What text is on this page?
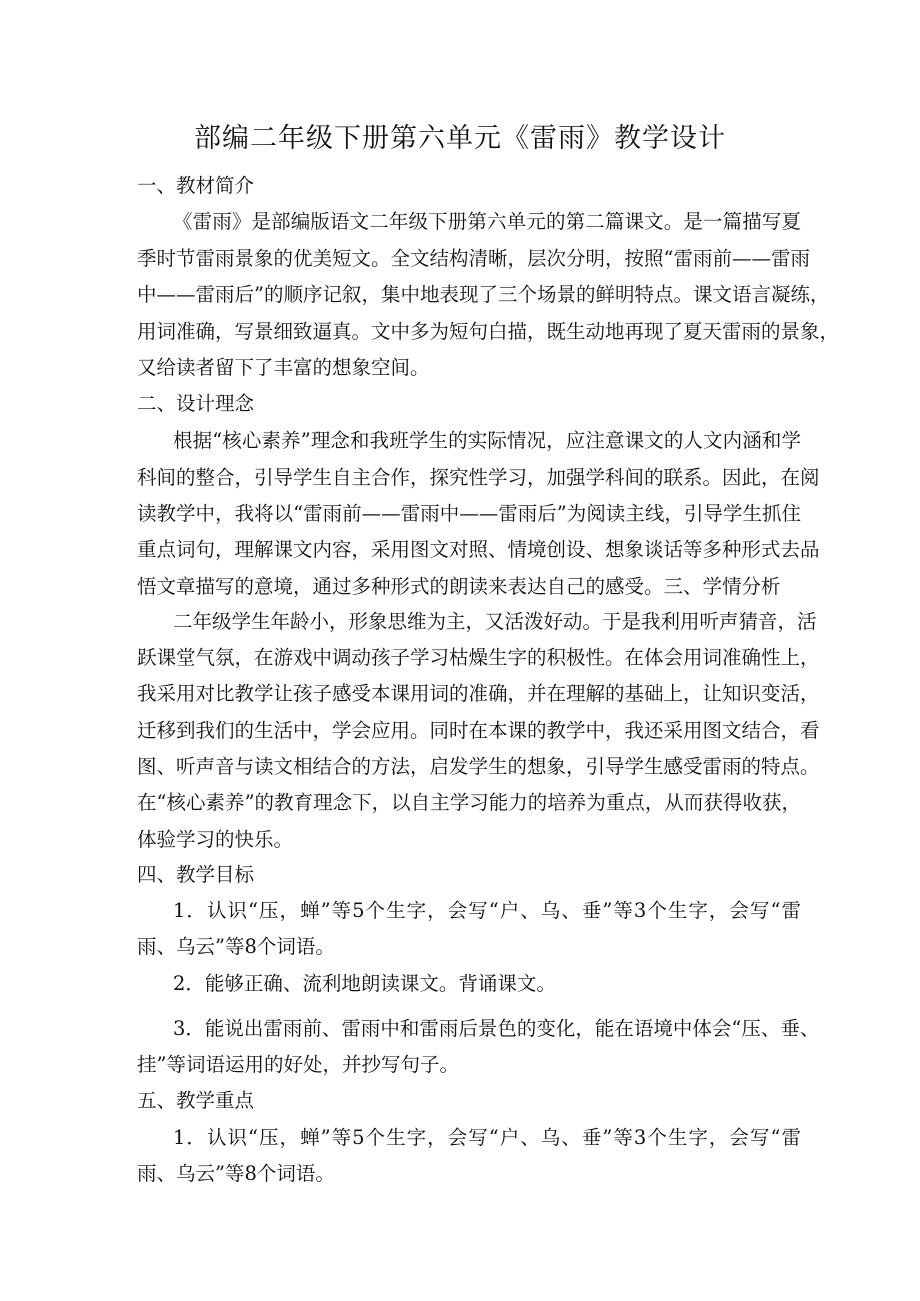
部编二年级下册第六单元《雷雨》教学设计
一、教材简介
《雷雨》是部编版语文二年级下册第六单元的第二篇课文。是一篇描写夏
季时节雷雨景象的优美短文。全文结构清晰，层次分明，按照“雷雨前——雷雨
中——雷雨后”的顺序记叙，集中地表现了三个场景的鲜明特点。课文语言凝练，
用词准确，写景细致逼真。文中多为短句白描，既生动地再现了夏天雷雨的景象，
又给读者留下了丰富的想象空间。
二、设计理念
根据“核心素养”理念和我班学生的实际情况，应注意课文的人文内涵和学
科间的整合，引导学生自主合作，探究性学习，加强学科间的联系。因此，在阅
读教学中，我将以“雷雨前——雷雨中——雷雨后”为阅读主线，引导学生抓住
重点词句，理解课文内容，采用图文对照、情境创设、想象谈话等多种形式去品
悟文章描写的意境，通过多种形式的朗读来表达自己的感受。三、学情分析
二年级学生年龄小，形象思维为主，又活泼好动。于是我利用听声猜音，活
跃课堂气氛，在游戏中调动孩子学习枯燥生字的积极性。在体会用词准确性上，
我采用对比教学让孩子感受本课用词的准确，并在理解的基础上，让知识变活，
迁移到我们的生活中，学会应用。同时在本课的教学中，我还采用图文结合，看
图、听声音与读文相结合的方法，启发学生的想象，引导学生感受雷雨的特点。
在“核心素养”的教育理念下，以自主学习能力的培养为重点，从而获得收获，
体验学习的快乐。
四、教学目标
1．认识“压，蝉”等5个生字，会写“户、乌、垂”等3个生字，会写“雷
雨、乌云”等8个词语。
2．能够正确、流利地朗读课文。背诵课文。
3．能说出雷雨前、雷雨中和雷雨后景色的变化，能在语境中体会“压、垂、
挂”等词语运用的好处，并抄写句子。
五、教学重点
1．认识“压，蝉”等5个生字，会写“户、乌、垂”等3个生字，会写“雷
雨、乌云”等8个词语。
